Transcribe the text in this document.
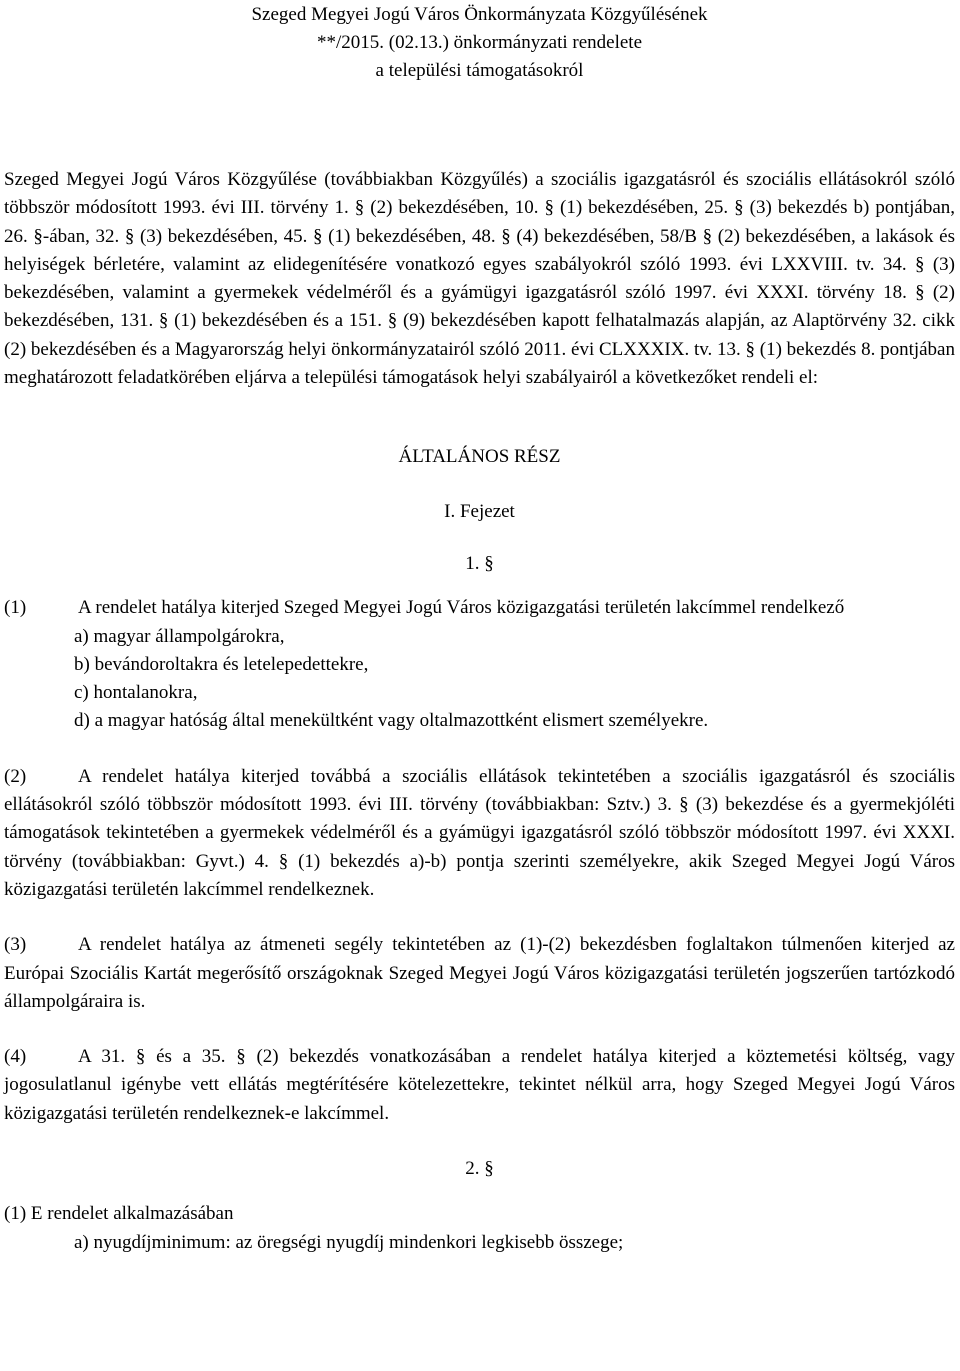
Szeged Megyei Jogú Város Önkormányzata Közgyűlésének
**/2015. (02.13.) önkormányzati rendelete
a települési támogatásokról
Szeged Megyei Jogú Város Közgyűlése (továbbiakban Közgyűlés) a szociális igazgatásról és szociális ellátásokról szóló többször módosított 1993. évi III. törvény 1. § (2) bekezdésében, 10. § (1) bekezdésében, 25. § (3) bekezdés b) pontjában, 26. §-ában, 32. § (3) bekezdésében, 45. § (1) bekezdésében, 48. § (4) bekezdésében, 58/B § (2) bekezdésében, a lakások és helyiségek bérletére, valamint az elidegenítésére vonatkozó egyes szabályokról szóló 1993. évi LXXVIII. tv. 34. § (3) bekezdésében, valamint a gyermekek védelméről és a gyámügyi igazgatásról szóló 1997. évi XXXI. törvény 18. § (2) bekezdésében, 131. § (1) bekezdésében és a 151. § (9) bekezdésében kapott felhatalmazás alapján, az Alaptörvény 32. cikk (2) bekezdésében és a Magyarország helyi önkormányzatairól szóló 2011. évi CLXXXIX. tv. 13. § (1) bekezdés 8. pontjában meghatározott feladatkörében eljárva a települési támogatások helyi szabályairól a következőket rendeli el:
ÁLTALÁNOS RÉSZ
I. Fejezet
1. §
(1)	A rendelet hatálya kiterjed Szeged Megyei Jogú Város közigazgatási területén lakcímmel rendelkező
a) magyar állampolgárokra,
b) bevándoroltakra és letelepedettekre,
c) hontalanokra,
d) a magyar hatóság által menekültként vagy oltalmazottként elismert személyekre.
(2)	A rendelet hatálya kiterjed továbbá a szociális ellátások tekintetében a szociális igazgatásról és szociális ellátásokról szóló többször módosított 1993. évi III. törvény (továbbiakban: Sztv.) 3. § (3) bekezdése és a gyermekjóléti támogatások tekintetében a gyermekek védelméről és a gyámügyi igazgatásról szóló többször módosított 1997. évi XXXI. törvény (továbbiakban: Gyvt.) 4. § (1) bekezdés a)-b) pontja szerinti személyekre, akik Szeged Megyei Jogú Város közigazgatási területén lakcímmel rendelkeznek.
(3)	A rendelet hatálya az átmeneti segély tekintetében az (1)-(2) bekezdésben foglaltakon túlmenően kiterjed az Európai Szociális Kartát megerősítő országoknak Szeged Megyei Jogú Város közigazgatási területén jogszerűen tartózkodó állampolgáraira is.
(4)	A 31. § és a 35. § (2) bekezdés vonatkozásában a rendelet hatálya kiterjed a köztemetési költség, vagy jogosulatlanul igénybe vett ellátás megtérítésére kötelezettekre, tekintet nélkül arra, hogy Szeged Megyei Jogú Város közigazgatási területén rendelkeznek-e lakcímmel.
2. §
(1) E rendelet alkalmazásában
a) nyugdíjminimum: az öregségi nyugdíj mindenkori legkisebb összege;
